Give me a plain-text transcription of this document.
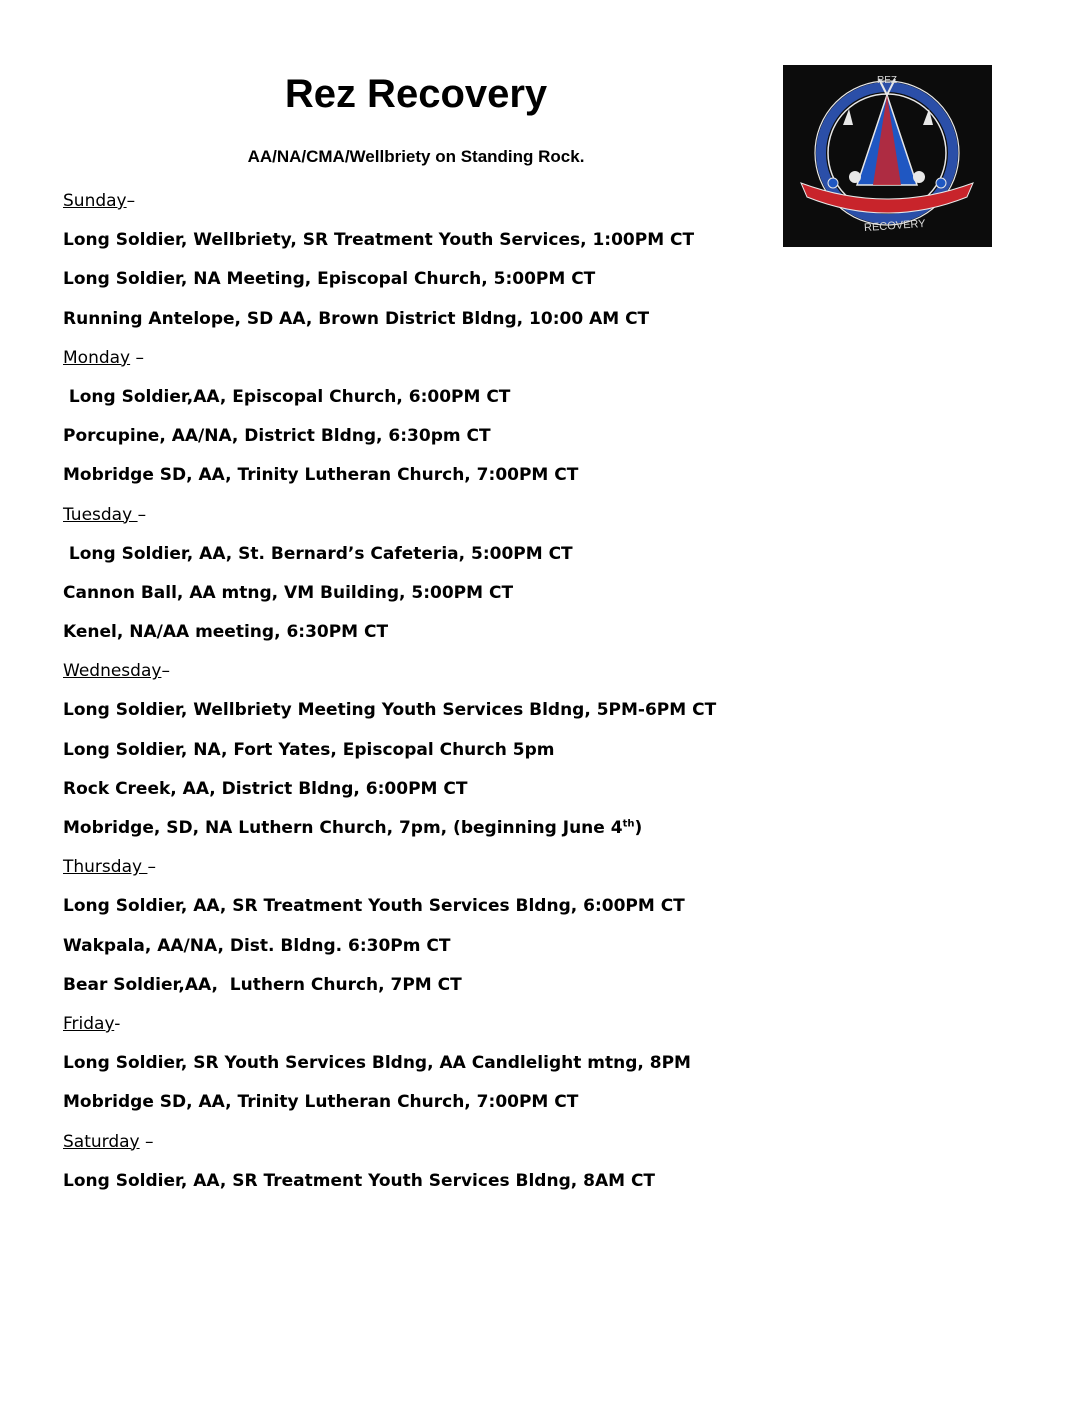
Rez Recovery
AA/NA/CMA/Wellbriety on Standing Rock.
REZ
RECOVERY
Sunday–
Long Soldier, Wellbriety, SR Treatment Youth Services, 1:00PM CT
Long Soldier, NA Meeting, Episcopal Church, 5:00PM CT
Running Antelope, SD AA, Brown District Bldng, 10:00 AM CT
Monday –
Long Soldier,AA, Episcopal Church, 6:00PM CT
Porcupine, AA/NA, District Bldng, 6:30pm CT
Mobridge SD, AA, Trinity Lutheran Church, 7:00PM CT
Tuesday –
Long Soldier, AA, St. Bernard’s Cafeteria, 5:00PM CT
Cannon Ball, AA mtng, VM Building, 5:00PM CT
Kenel, NA/AA meeting, 6:30PM CT
Wednesday–
Long Soldier, Wellbriety Meeting Youth Services Bldng, 5PM-6PM CT
Long Soldier, NA, Fort Yates, Episcopal Church 5pm
Rock Creek, AA, District Bldng, 6:00PM CT
Mobridge, SD, NA Luthern Church, 7pm, (beginning June 4th)
Thursday –
Long Soldier, AA, SR Treatment Youth Services Bldng, 6:00PM CT
Wakpala, AA/NA, Dist. Bldng. 6:30Pm CT
Bear Soldier,AA,  Luthern Church, 7PM CT
Friday-
Long Soldier, SR Youth Services Bldng, AA Candlelight mtng, 8PM
Mobridge SD, AA, Trinity Lutheran Church, 7:00PM CT
Saturday –
Long Soldier, AA, SR Treatment Youth Services Bldng, 8AM CT
